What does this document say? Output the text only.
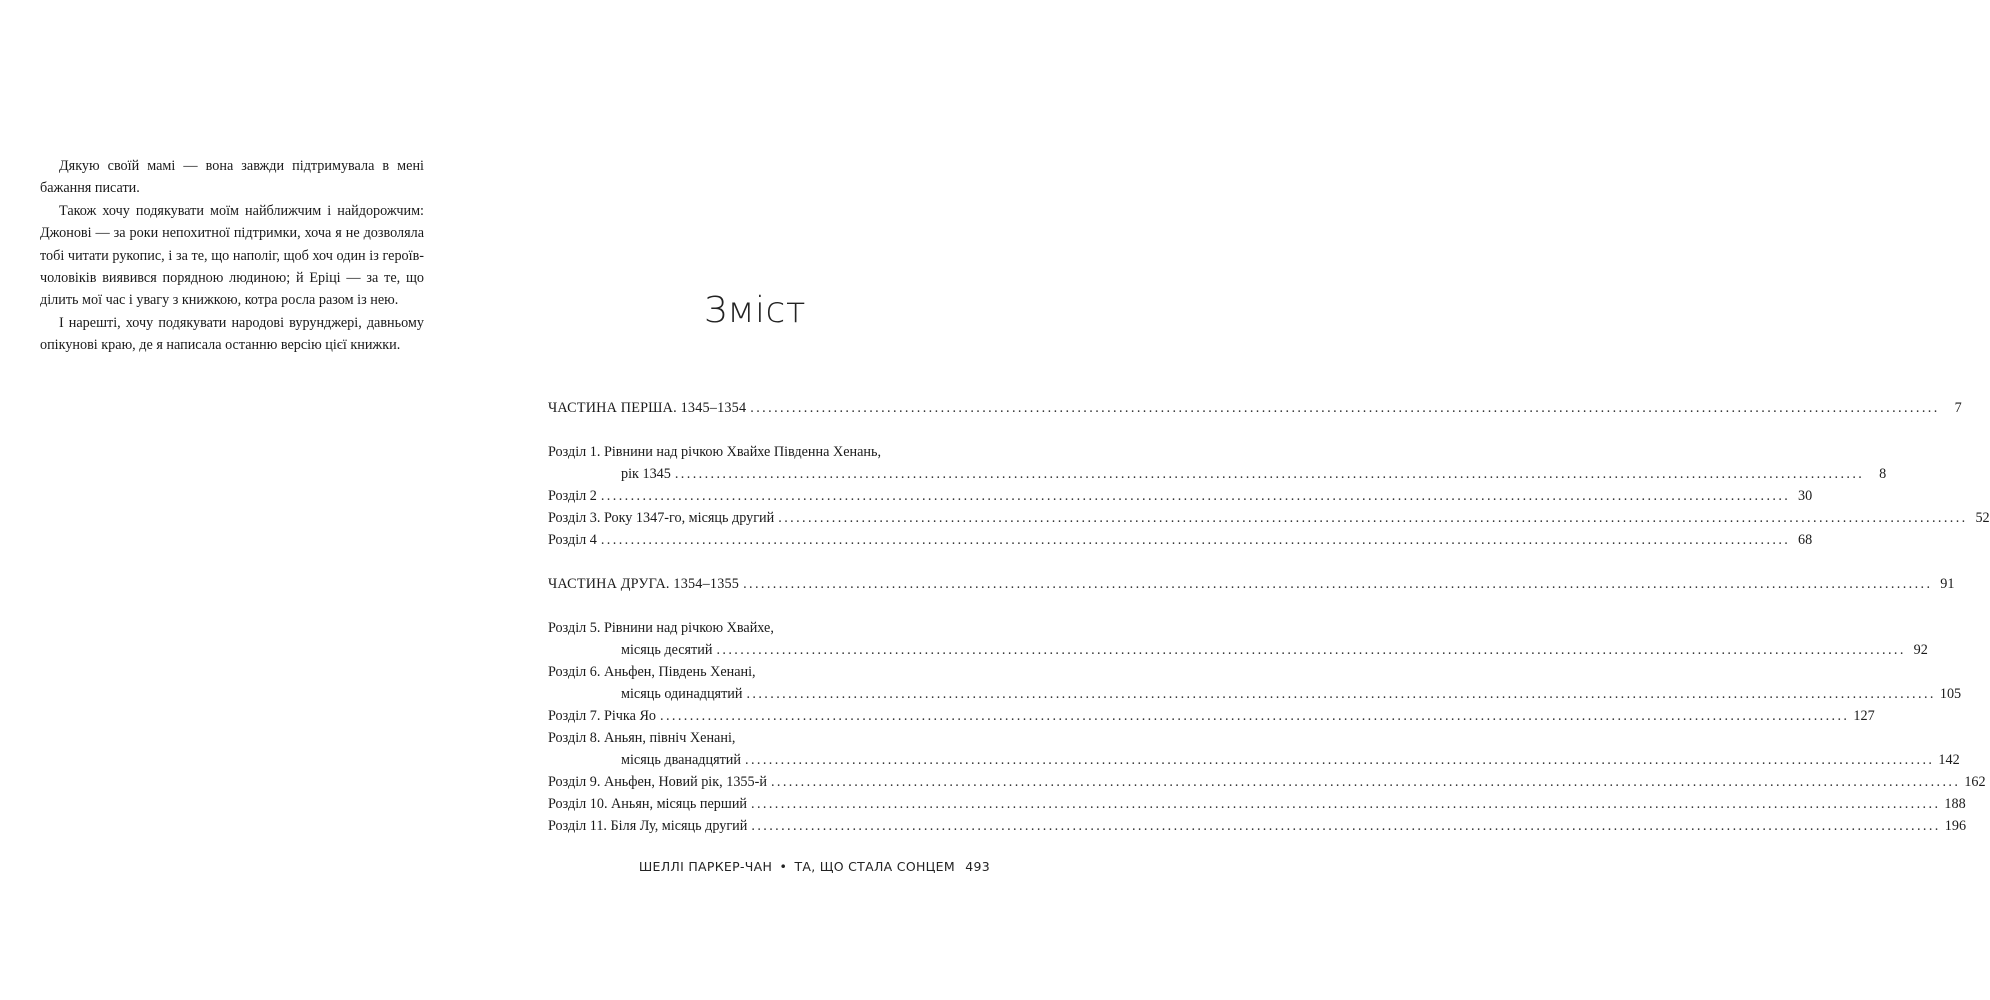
Дякую своїй мамі — вона завжди підтримувала в мені бажання писати.

Також хочу подякувати моїм найближчим і найдорожчим: Джонові — за роки непохитної підтримки, хоча я не дозволяла тобі читати рукопис, і за те, що наполіг, щоб хоч один із героїв-чоловіків виявився порядною людиною; й Еріці — за те, що ділить мої час і увагу з книжкою, котра росла разом із нею.

І нарешті, хочу подякувати народові вурунджері, давньому опікунові краю, де я написала останню версію цієї книжки.

Зміст
ЧАСТИНА ПЕРША. 1345–1354 ........................................................................................................................................................................................................	7
Розділ 1. Рівнини над річкою Хвайхе Південна Хенань,
рік 1345 ........................................................................................................................................................................................................	8
Розділ 2 ........................................................................................................................................................................................................ 30
Розділ 3. Року 1347-го, місяць другий ........................................................................................................................................................................................................ 52
Розділ 4 ........................................................................................................................................................................................................ 68
ЧАСТИНА ДРУГА. 1354–1355 ........................................................................................................................................................................................................ 91
Розділ 5. Рівнини над річкою Хвайхе,
місяць десятий ........................................................................................................................................................................................................ 92
Розділ 6. Аньфен, Південь Хенані,
місяць одинадцятий ........................................................................................................................................................................................................ 105
Розділ 7. Річка Яо ........................................................................................................................................................................................................ 127
Розділ 8. Аньян, північ Хенані,
місяць дванадцятий ........................................................................................................................................................................................................ 142
Розділ 9. Аньфен, Новий рік, 1355-й ........................................................................................................................................................................................................ 162
Розділ 10. Аньян, місяць перший ........................................................................................................................................................................................................ 188
Розділ 11. Біля Лу, місяць другий ........................................................................................................................................................................................................ 196
ШЕЛЛІ ПАРКЕР-ЧАН • ТА, ЩО СТАЛА СОНЦЕМ 493
